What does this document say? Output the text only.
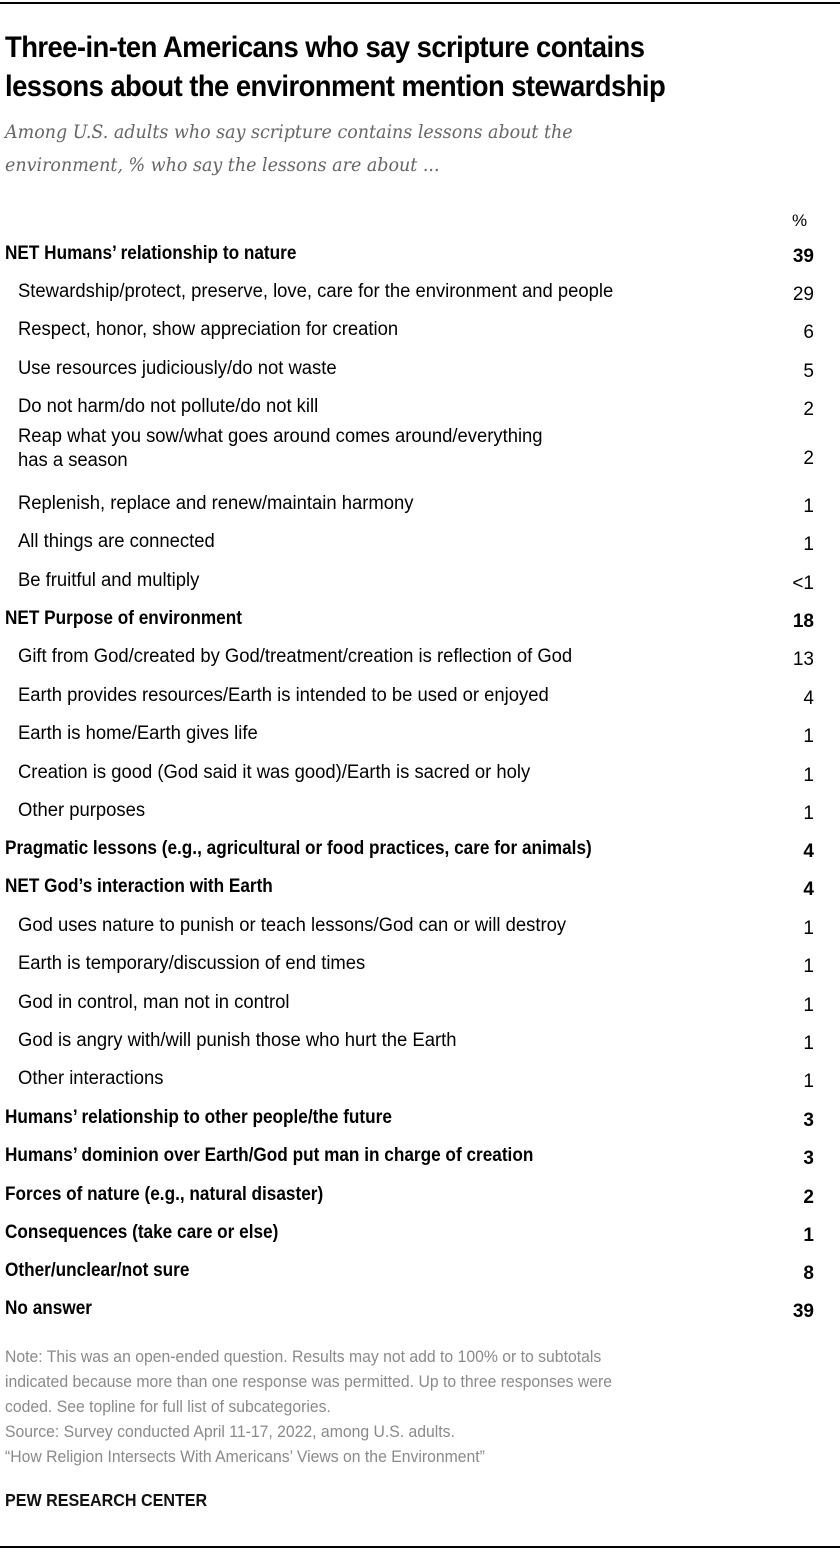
Three-in-ten Americans who say scripture contains
lessons about the environment mention stewardship
Among U.S. adults who say scripture contains lessons about the
environment, % who say the lessons are about ...
%
NET Humans’ relationship to nature	39
Stewardship/protect, preserve, love, care for the environment and people	29
Respect, honor, show appreciation for creation	6
Use resources judiciously/do not waste	5
Do not harm/do not pollute/do not kill	2
Reap what you sow/what goes around comes around/everything
has a season	2
Replenish, replace and renew/maintain harmony	1
All things are connected	1
Be fruitful and multiply	<1
NET Purpose of environment	18
Gift from God/created by God/treatment/creation is reflection of God	13
Earth provides resources/Earth is intended to be used or enjoyed	4
Earth is home/Earth gives life	1
Creation is good (God said it was good)/Earth is sacred or holy	1
Other purposes	1
Pragmatic lessons (e.g., agricultural or food practices, care for animals)	4
NET God’s interaction with Earth	4
God uses nature to punish or teach lessons/God can or will destroy	1
Earth is temporary/discussion of end times	1
God in control, man not in control	1
God is angry with/will punish those who hurt the Earth	1
Other interactions	1
Humans’ relationship to other people/the future	3
Humans’ dominion over Earth/God put man in charge of creation	3
Forces of nature (e.g., natural disaster)	2
Consequences (take care or else)	1
Other/unclear/not sure	8
No answer	39
Note: This was an open-ended question. Results may not add to 100% or to subtotals
indicated because more than one response was permitted. Up to three responses were
coded. See topline for full list of subcategories.
Source: Survey conducted April 11-17, 2022, among U.S. adults.
“How Religion Intersects With Americans’ Views on the Environment”
PEW RESEARCH CENTER
